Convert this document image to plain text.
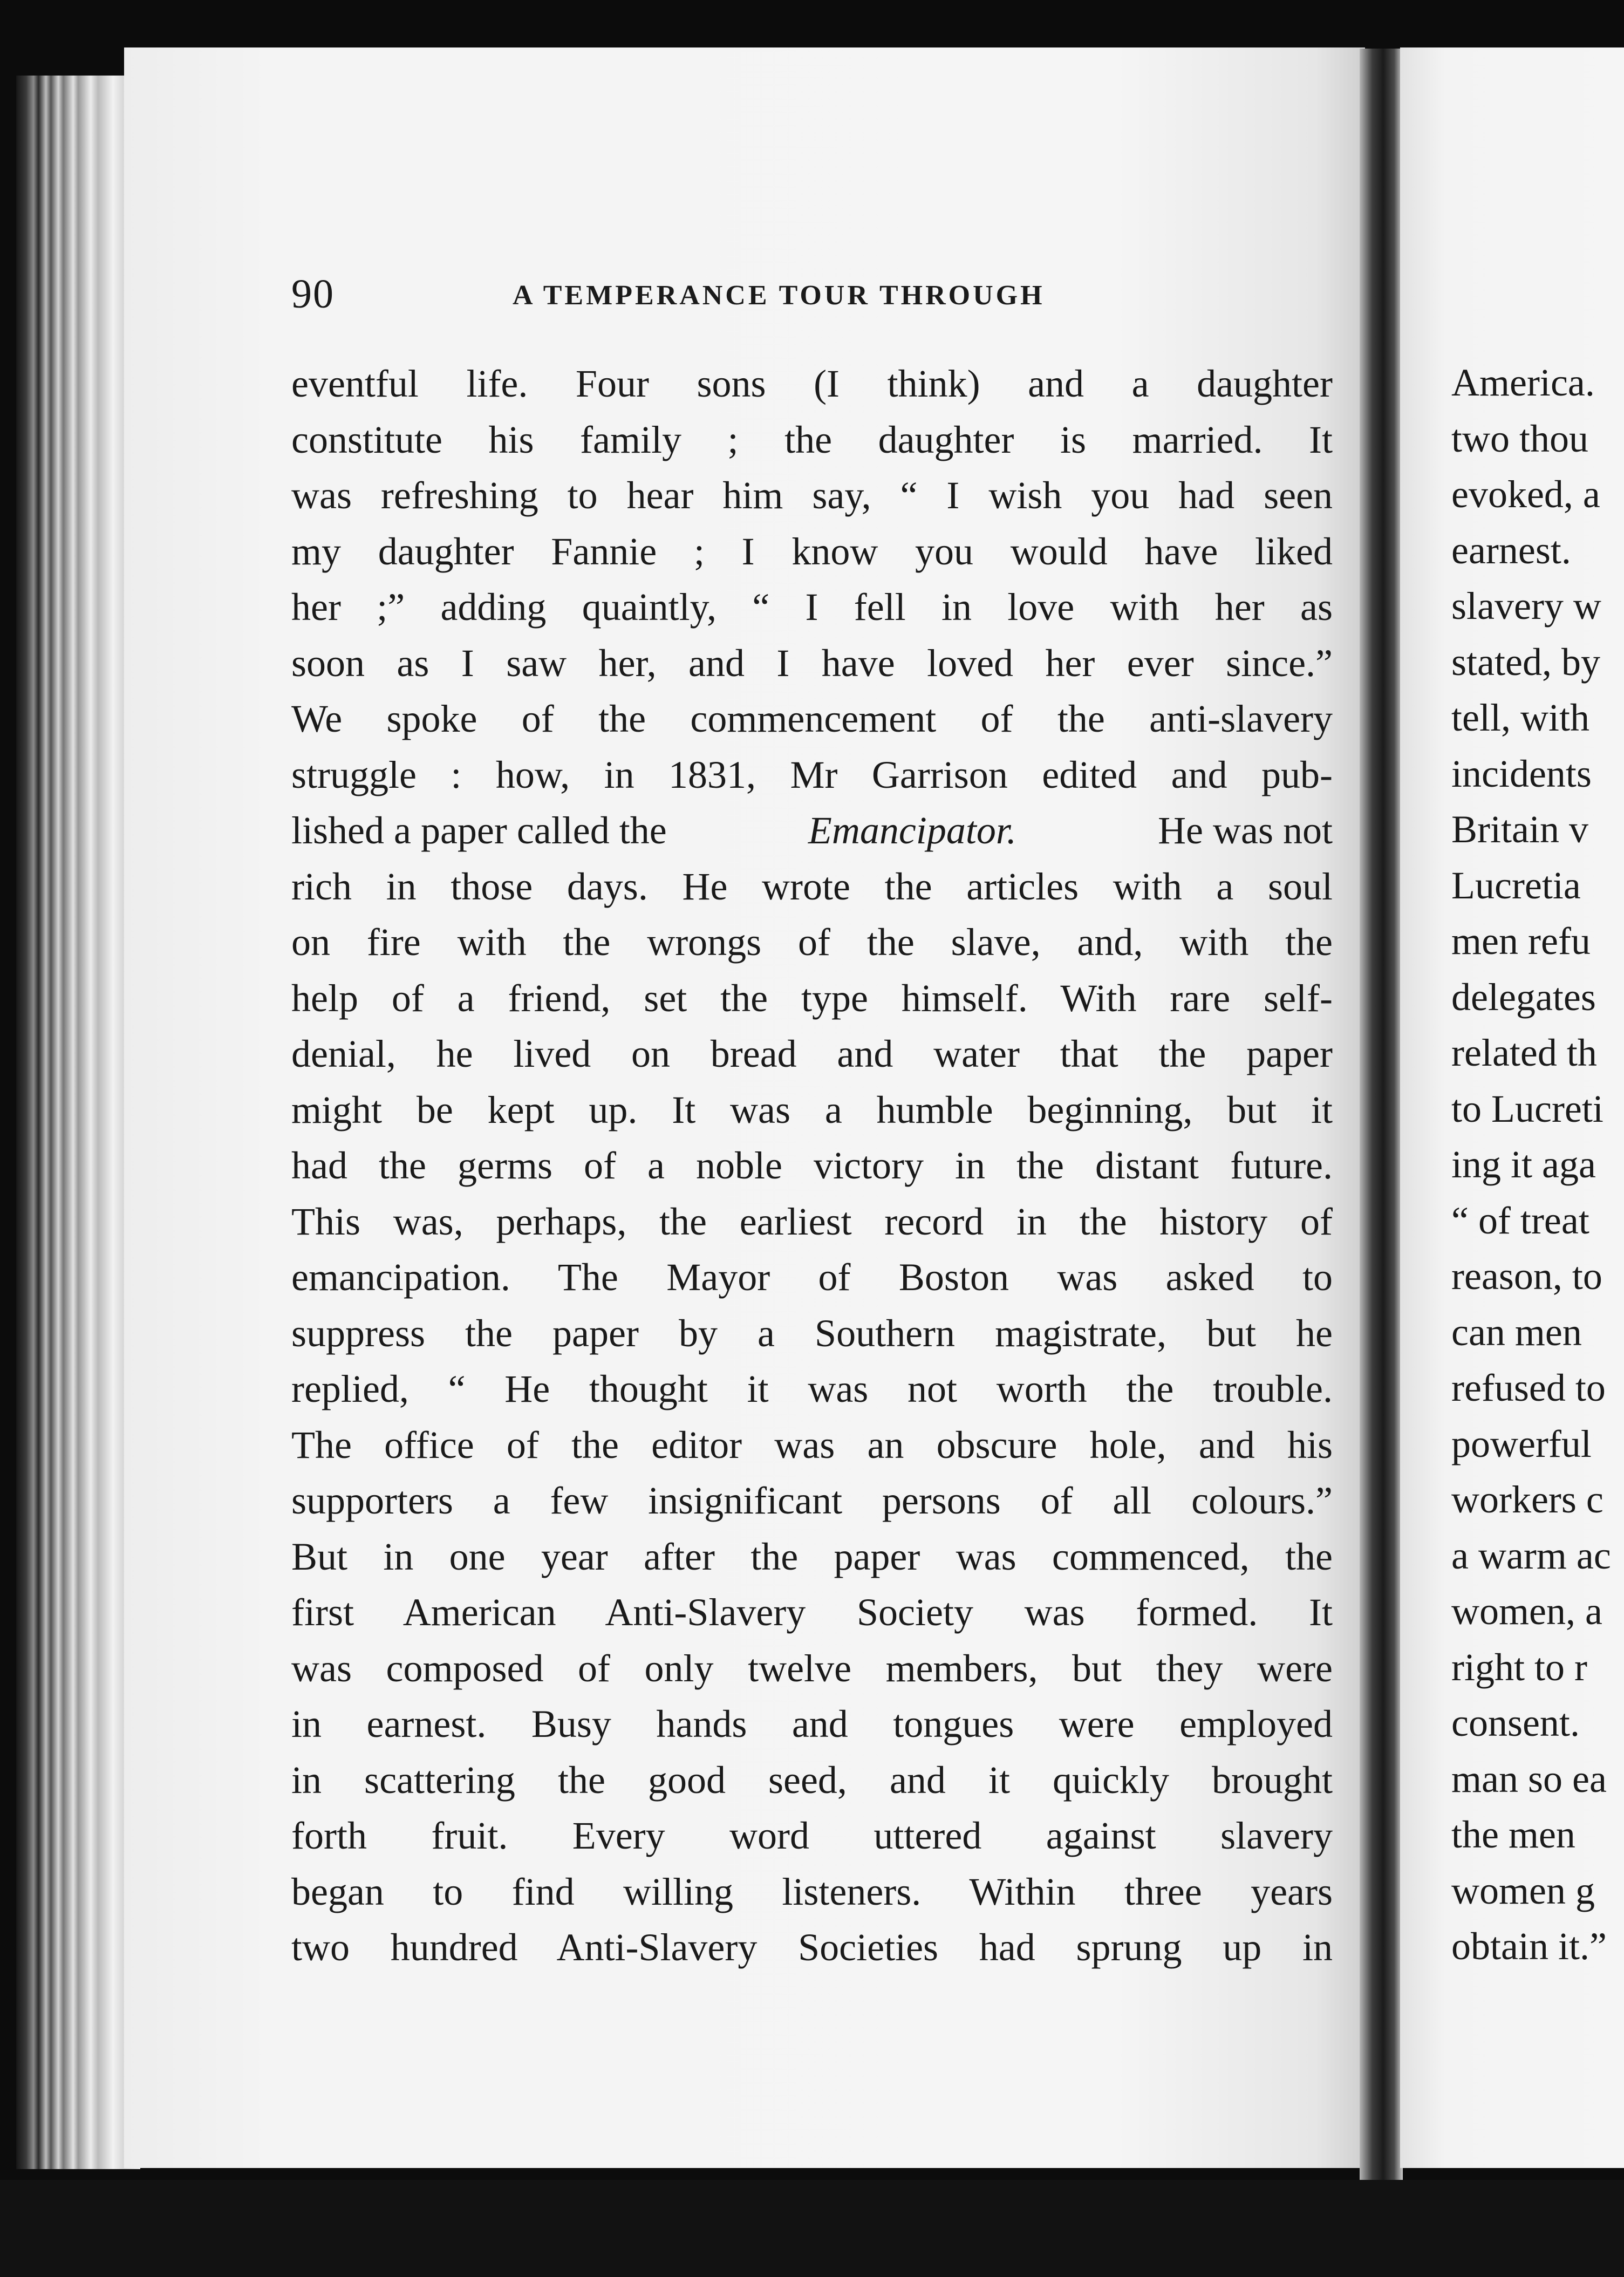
90	A TEMPERANCE TOUR THROUGH
eventful life. Four sons (I think) and a daughter
constitute his family ; the daughter is married. It
was refreshing to hear him say, “ I wish you had seen
my daughter Fannie ; I know you would have liked
her ;” adding quaintly, “ I fell in love with her as
soon as I saw her, and I have loved her ever since.”
We spoke of the commencement of the anti-slavery
struggle : how, in 1831, Mr Garrison edited and pub-
lished a paper called the	Emancipator.	He was not
rich in those days. He wrote the articles with a soul
on fire with the wrongs of the slave, and, with the
help of a friend, set the type himself. With rare self-
denial, he lived on bread and water that the paper
might be kept up. It was a humble beginning, but it
had the germs of a noble victory in the distant future.
This was, perhaps, the earliest record in the history of
emancipation. The Mayor of Boston was asked to
suppress the paper by a Southern magistrate, but he
replied, “ He thought it was not worth the trouble.
The office of the editor was an obscure hole, and his
supporters a few insignificant persons of all colours.”
But in one year after the paper was commenced, the
first American Anti-Slavery Society was formed. It
was composed of only twelve members, but they were
in earnest. Busy hands and tongues were employed
in scattering the good seed, and it quickly brought
forth fruit. Every word uttered against slavery
began to find willing listeners. Within three years
two hundred Anti-Slavery Societies had sprung up in
America.
two thou
evoked, a
earnest.
slavery w
stated, by
tell, with
incidents
Britain v
Lucretia
men refu
delegates
related th
to Lucreti
ing it aga
“ of treat
reason, to
can men
refused to
powerful
workers c
a warm ac
women, a
right to r
consent.
man so ea
the men
women g
obtain it.”
